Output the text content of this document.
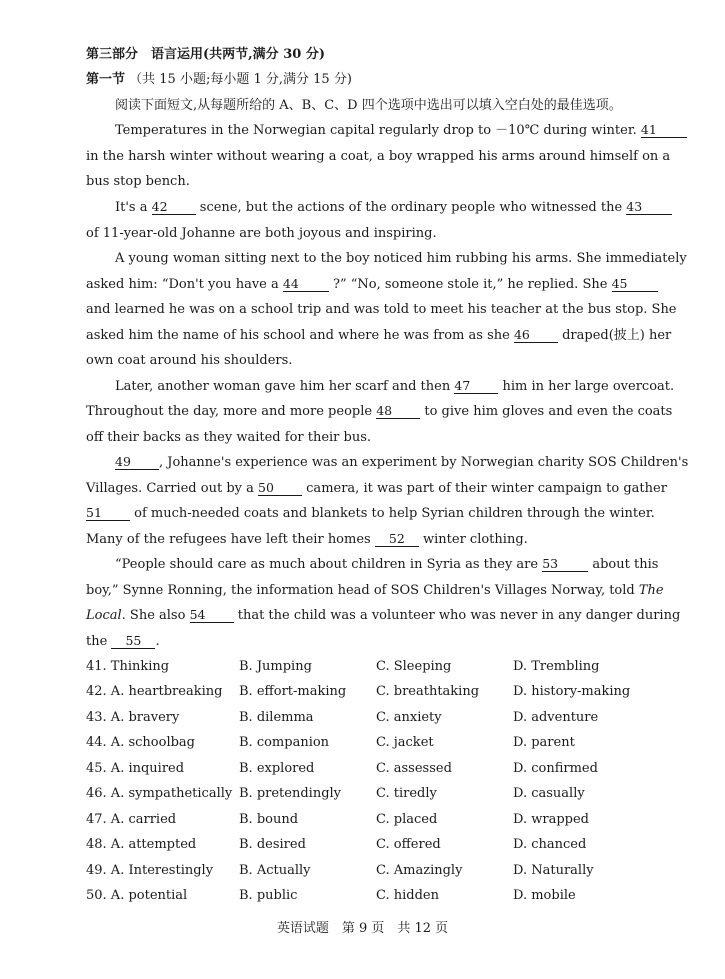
第三部分　语言运用(共两节,满分 30 分)
第一节 （共 15 小题;每小题 1 分,满分 15 分)
阅读下面短文,从每题所给的 A、B、C、D 四个选项中选出可以填入空白处的最佳选项。
Temperatures in the Norwegian capital regularly drop to －10℃ during winter. 41
in the harsh winter without wearing a coat, a boy wrapped his arms around himself on a
bus stop bench.
It's a 42 scene, but the actions of the ordinary people who witnessed the 43
of 11-year-old Johanne are both joyous and inspiring.
A young woman sitting next to the boy noticed him rubbing his arms. She immediately
asked him: “Don't you have a 44	?” “No, someone stole it,” he replied. She 45
and learned he was on a school trip and was told to meet his teacher at the bus stop. She
asked him the name of his school and where he was from as she 46 draped(披上) her
own coat around his shoulders.
Later, another woman gave him her scarf and then 47 him in her large overcoat.
Throughout the day, more and more people 48 to give him gloves and even the coats
off their backs as they waited for their bus.
49 , Johanne's experience was an experiment by Norwegian charity SOS Children's
Villages. Carried out by a 50 camera, it was part of their winter campaign to gather
51 of much-needed coats and blankets to help Syrian children through the winter.
Many of the refugees have left their homes 52 winter clothing.
“People should care as much about children in Syria as they are 53	about this
boy,” Synne Ronning, the information head of SOS Children's Villages Norway, told The
Local. She also 54 that the child was a volunteer who was never in any danger during
the 55 .
41. Thinking	B. Jumping	C. Sleeping	D. Trembling
42. A. heartbreaking B. effort-making C. breathtaking	D. history-making
43. A. bravery	B. dilemma	C. anxiety	D. adventure
44. A. schoolbag	B. companion	C. jacket	D. parent
45. A. inquired	B. explored	C. assessed	D. confirmed
46. A. sympathetically B. pretendingly	C. tiredly	D. casually
47. A. carried	B. bound	C. placed	D. wrapped
48. A. attempted	B. desired	C. offered	D. chanced
49. A. Interestingly B. Actually	C. Amazingly	D. Naturally
50. A. potential	B. public	C. hidden	D. mobile
英语试题　第 9 页　共 12 页
